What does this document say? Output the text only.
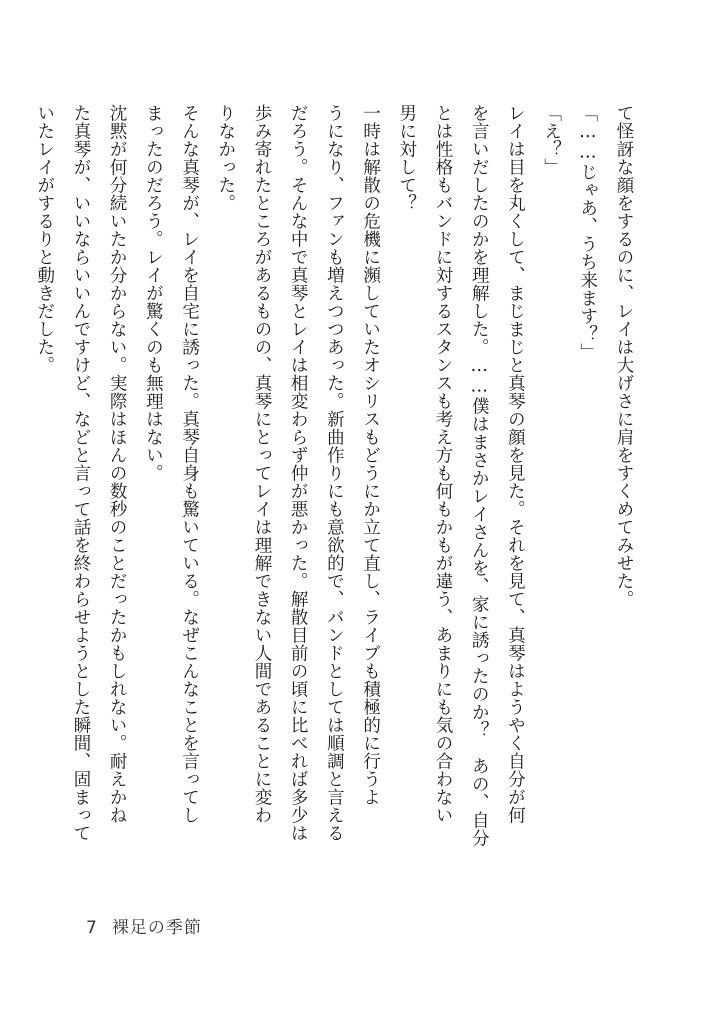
て怪訝な顔をするのに、レイは大げさに肩をすくめてみせた。

「……じゃあ、うち来ます？」

「え？」

レイは目を丸くして、まじまじと真琴の顔を見た。それを見て、真琴はようやく自分が何

を言いだしたのかを理解した。……僕はまさかレイさんを、家に誘ったのか？　あの、自分

とは性格もバンドに対するスタンスも考え方も何もかもが違う、あまりにも気の合わない

男に対して？

一時は解散の危機に瀕していたオシリスもどうにか立て直し、ライブも積極的に行うよ

うになり、ファンも増えつつあった。新曲作りにも意欲的で、バンドとしては順調と言える

だろう。そんな中で真琴とレイは相変わらず仲が悪かった。解散目前の頃に比べれば多少は

歩み寄れたところがあるものの、真琴にとってレイは理解できない人間であることに変わ

りなかった。

そんな真琴が、レイを自宅に誘った。真琴自身も驚いている。なぜこんなことを言ってし

まったのだろう。レイが驚くのも無理はない。

沈黙が何分続いたか分からない。実際はほんの数秒のことだったかもしれない。耐えかね

た真琴が、いいならいいんですけど、などと言って話を終わらせようとした瞬間、固まって

いたレイがするりと動きだした。

7 裸足の季節
